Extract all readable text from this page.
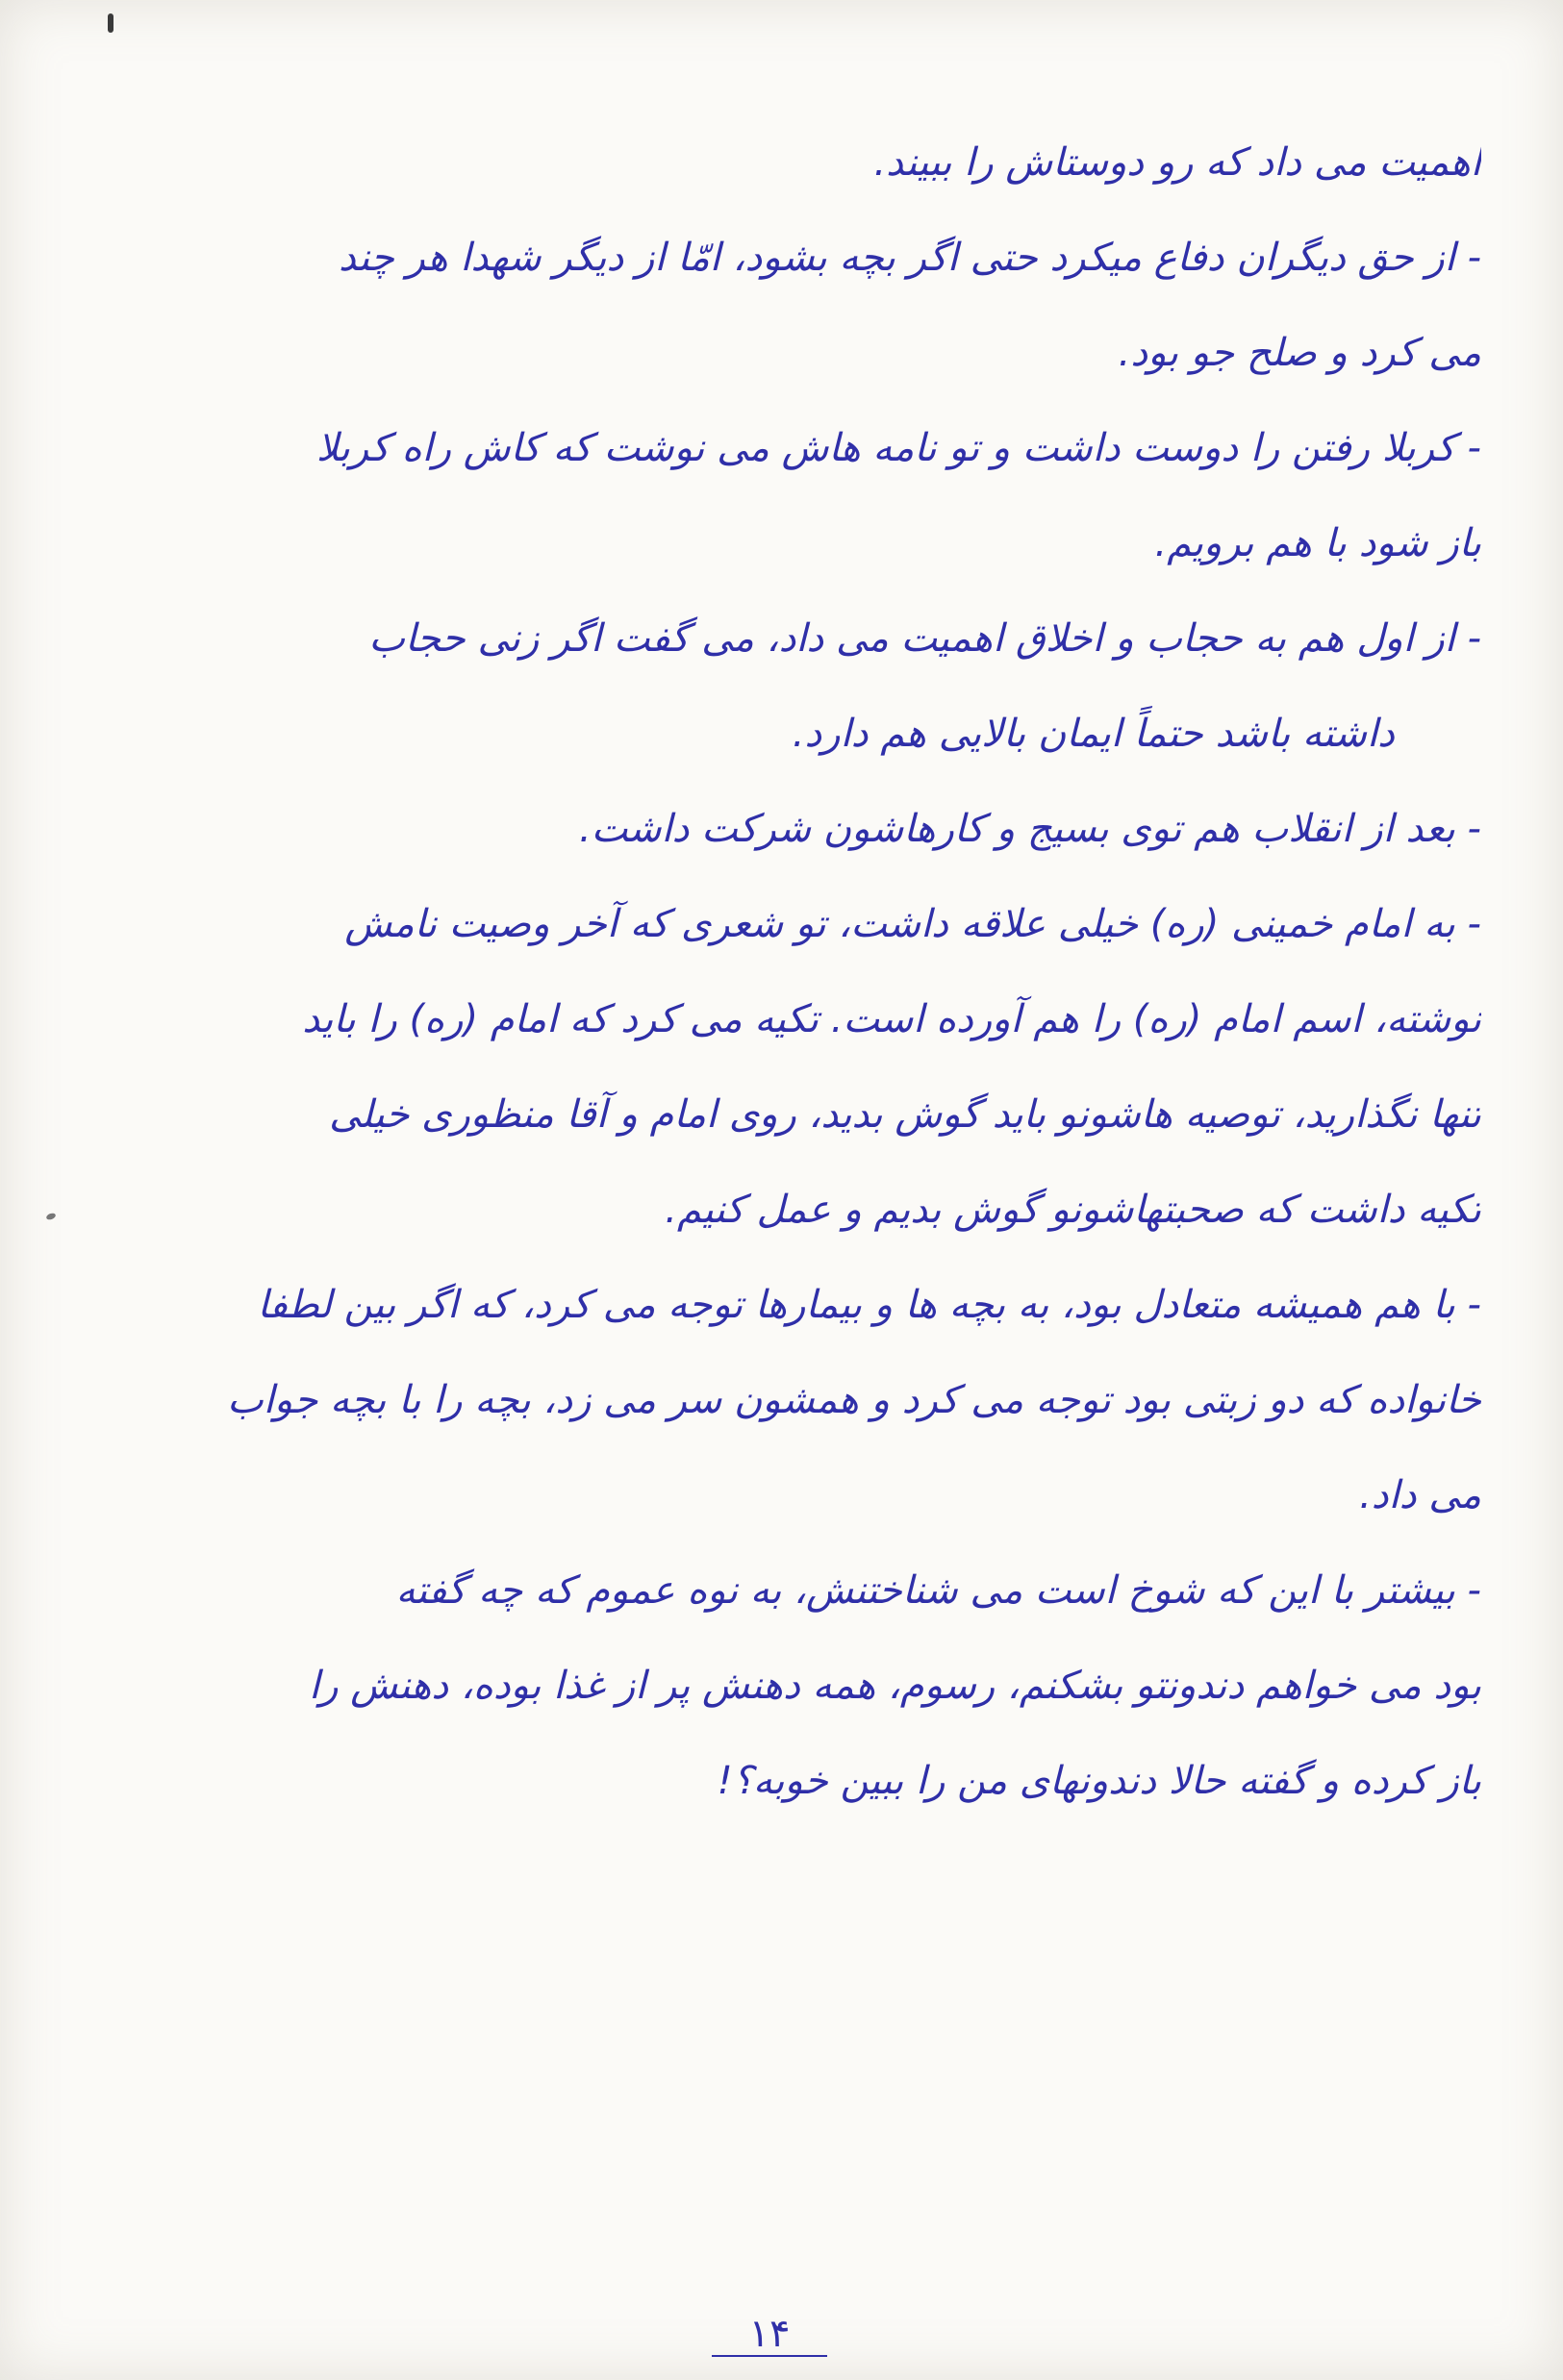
اهمیت می داد که رو دوستاش را ببیند.
- از حق دیگران دفاع میکرد حتی اگر بچه بشود، امّا از دیگر شهدا هر چند
می کرد و صلح جو بود.
- کربلا رفتن را دوست داشت و تو نامه هاش می نوشت که کاش راه کربلا
باز شود با هم برویم.
- از اول هم به حجاب و اخلاق اهمیت می داد، می گفت اگر زنی حجاب
داشته باشد حتماً ایمان بالایی هم دارد.
- بعد از انقلاب هم توی بسیج و کارهاشون شرکت داشت.
- به امام خمینی (ره) خیلی علاقه داشت، تو شعری که آخر وصیت نامش
نوشته، اسم امام (ره) را هم آورده است. تکیه می کرد که امام (ره) را باید
تنها نگذارید، توصیه هاشونو باید گوش بدید، روی امام و آقا منظوری خیلی
تکیه داشت که صحبتهاشونو گوش بدیم و عمل کنیم.
- با هم همیشه متعادل بود، به بچه ها و بیمارها توجه می کرد، که اگر بین لطفا
خانواده که دو زبتی بود توجه می کرد و همشون سر می زد، بچه را با بچه جواب
می داد.
- بیشتر با این که شوخ است می شناختنش، به نوه عموم که چه گفته
بود می خواهم دندونتو بشکنم، رسوم، همه دهنش پر از غذا بوده، دهنش را
باز کرده و گفته حالا دندونهای من را ببین خوبه؟!
۱۴
